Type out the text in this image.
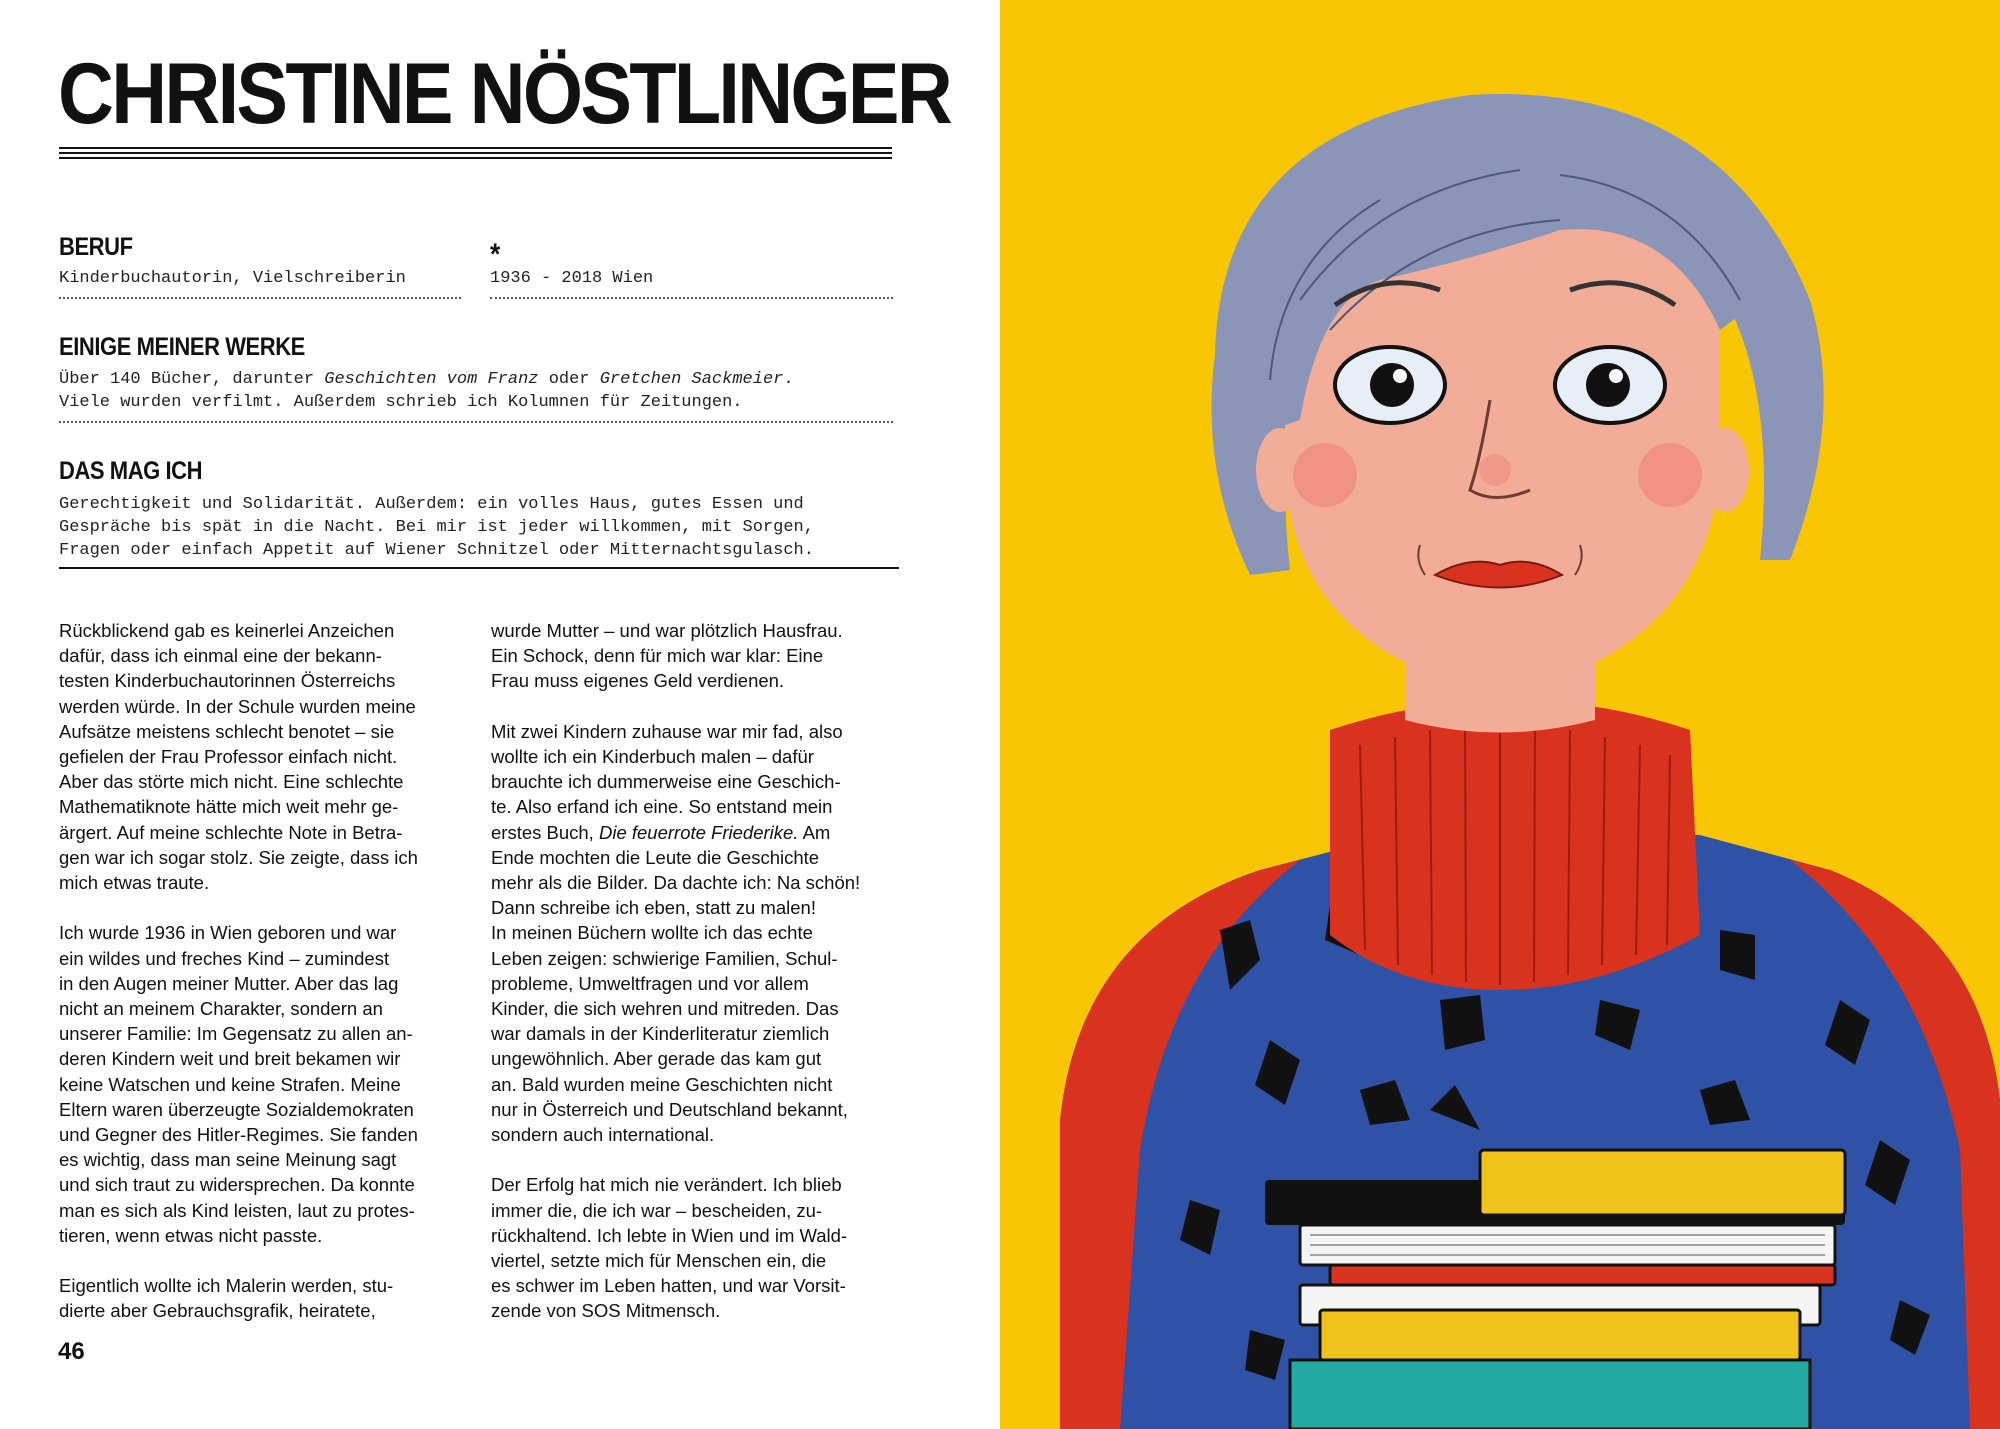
CHRISTINE NÖSTLINGER
BERUF

Kinderbuchautorin, Vielschreiberin

*

1936 - 2018 Wien

EINIGE MEINER WERKE

Über 140 Bücher, darunter Geschichten vom Franz oder Gretchen Sackmeier.

Viele wurden verfilmt. Außerdem schrieb ich Kolumnen für Zeitungen.

DAS MAG ICH

Gerechtigkeit und Solidarität. Außerdem: ein volles Haus, gutes Essen und

Gespräche bis spät in die Nacht. Bei mir ist jeder willkommen, mit Sorgen,

Fragen oder einfach Appetit auf Wiener Schnitzel oder Mitternachtsgulasch.

Rückblickend gab es keinerlei Anzeichen
dafür, dass ich einmal eine der bekann-
testen Kinderbuchautorinnen Österreichs
werden würde. In der Schule wurden meine
Aufsätze meistens schlecht benotet – sie
gefielen der Frau Professor einfach nicht.
Aber das störte mich nicht. Eine schlechte
Mathematiknote hätte mich weit mehr ge-
ärgert. Auf meine schlechte Note in Betra-
gen war ich sogar stolz. Sie zeigte, dass ich
mich etwas traute.

Ich wurde 1936 in Wien geboren und war
ein wildes und freches Kind – zumindest
in den Augen meiner Mutter. Aber das lag
nicht an meinem Charakter, sondern an
unserer Familie: Im Gegensatz zu allen an-
deren Kindern weit und breit bekamen wir
keine Watschen und keine Strafen. Meine
Eltern waren überzeugte Sozialdemokraten
und Gegner des Hitler-Regimes. Sie fanden
es wichtig, dass man seine Meinung sagt
und sich traut zu widersprechen. Da konnte
man es sich als Kind leisten, laut zu protes-
tieren, wenn etwas nicht passte.

Eigentlich wollte ich Malerin werden, stu-
dierte aber Gebrauchsgrafik, heiratete,

wurde Mutter – und war plötzlich Hausfrau.
Ein Schock, denn für mich war klar: Eine
Frau muss eigenes Geld verdienen.

Mit zwei Kindern zuhause war mir fad, also
wollte ich ein Kinderbuch malen – dafür
brauchte ich dummerweise eine Geschich-
te. Also erfand ich eine. So entstand mein
erstes Buch, Die feuerrote Friederike. Am
Ende mochten die Leute die Geschichte
mehr als die Bilder. Da dachte ich: Na schön!
Dann schreibe ich eben, statt zu malen!
In meinen Büchern wollte ich das echte
Leben zeigen: schwierige Familien, Schul-
probleme, Umweltfragen und vor allem
Kinder, die sich wehren und mitreden. Das
war damals in der Kinderliteratur ziemlich
ungewöhnlich. Aber gerade das kam gut
an. Bald wurden meine Geschichten nicht
nur in Österreich und Deutschland bekannt,
sondern auch international.

Der Erfolg hat mich nie verändert. Ich blieb
immer die, die ich war – bescheiden, zu-
rückhaltend. Ich lebte in Wien und im Wald-
viertel, setzte mich für Menschen ein, die
es schwer im Leben hatten, und war Vorsit-
zende von SOS Mitmensch.

46
